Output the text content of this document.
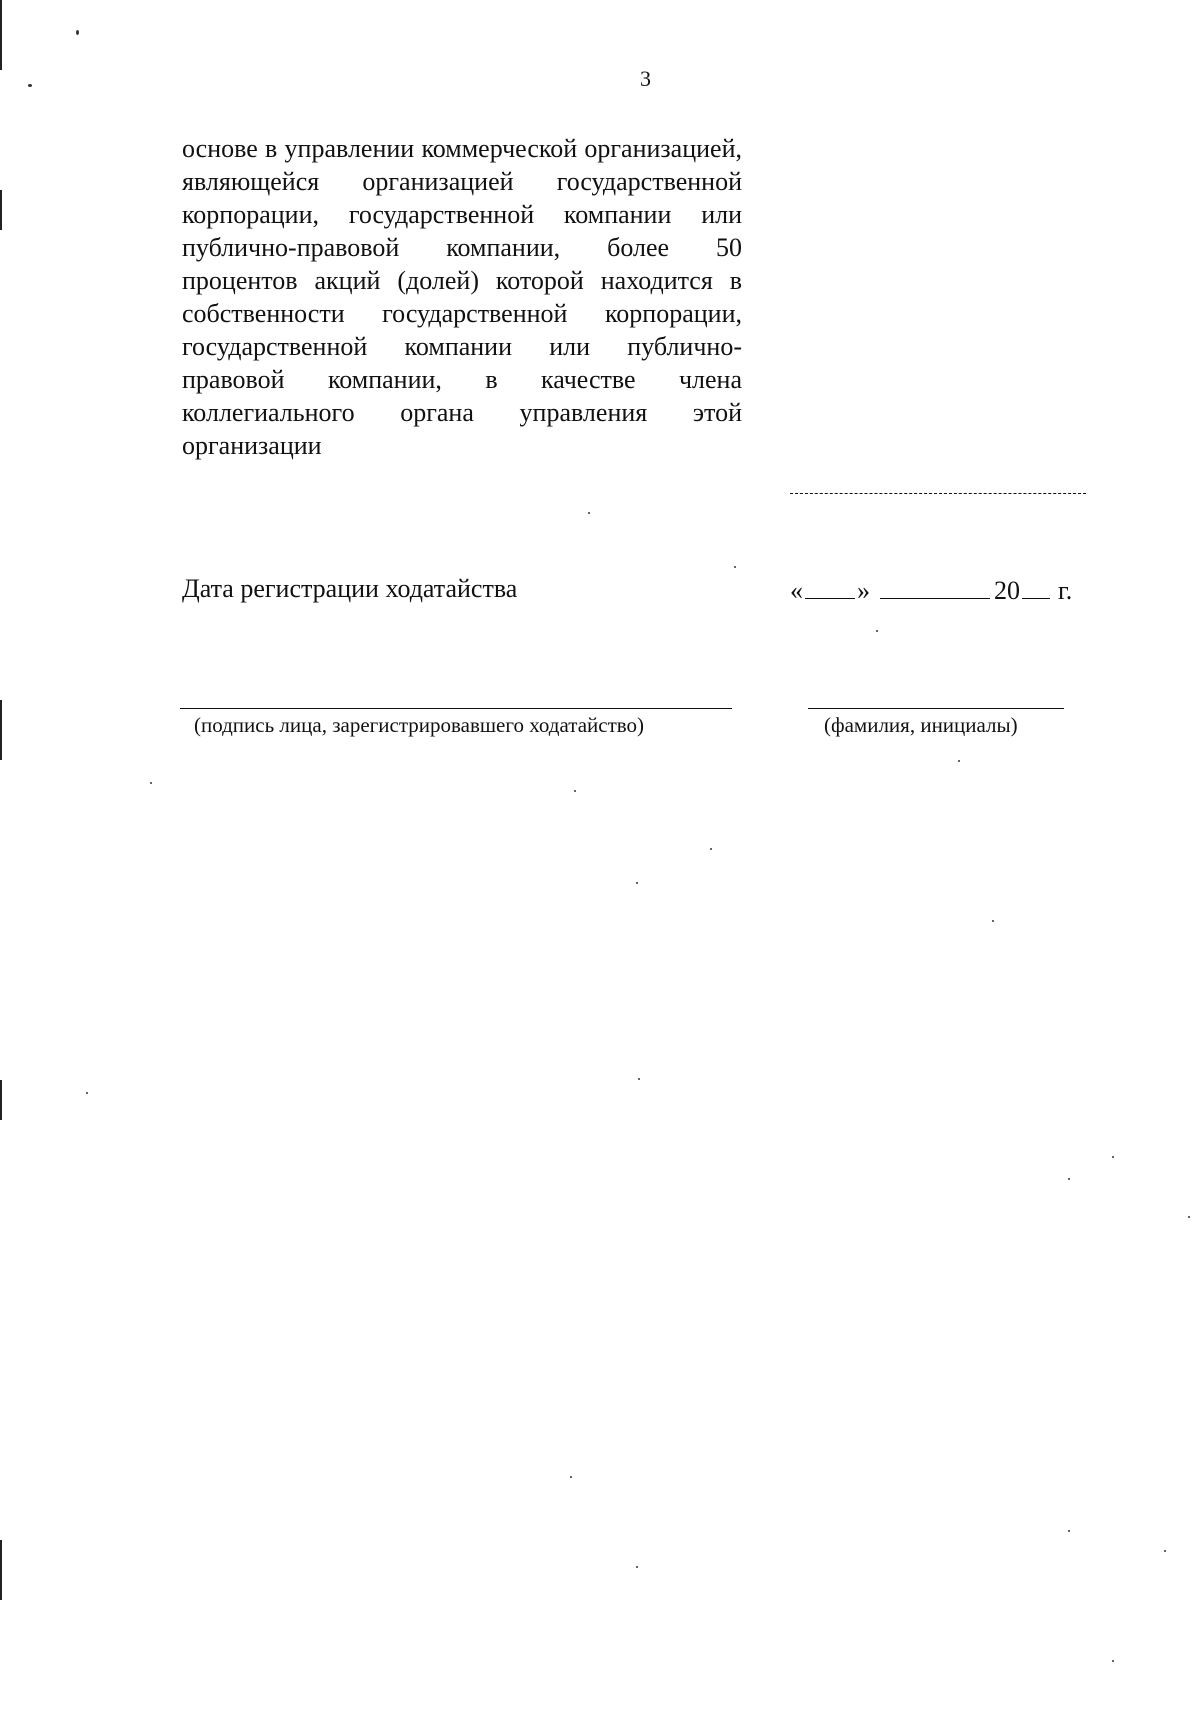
3
основе в управлении коммерческой организацией, являющейся организацией государственной корпорации, государственной компании или публично-правовой компании, более 50 процентов акций (долей) которой находится в собственности государственной корпорации, государственной компании или публично-правовой компании, в качестве члена коллегиального органа управления этой организации
Дата регистрации ходатайства	« »	20 г.
(подпись лица, зарегистрировавшего ходатайство)	(фамилия, инициалы)
